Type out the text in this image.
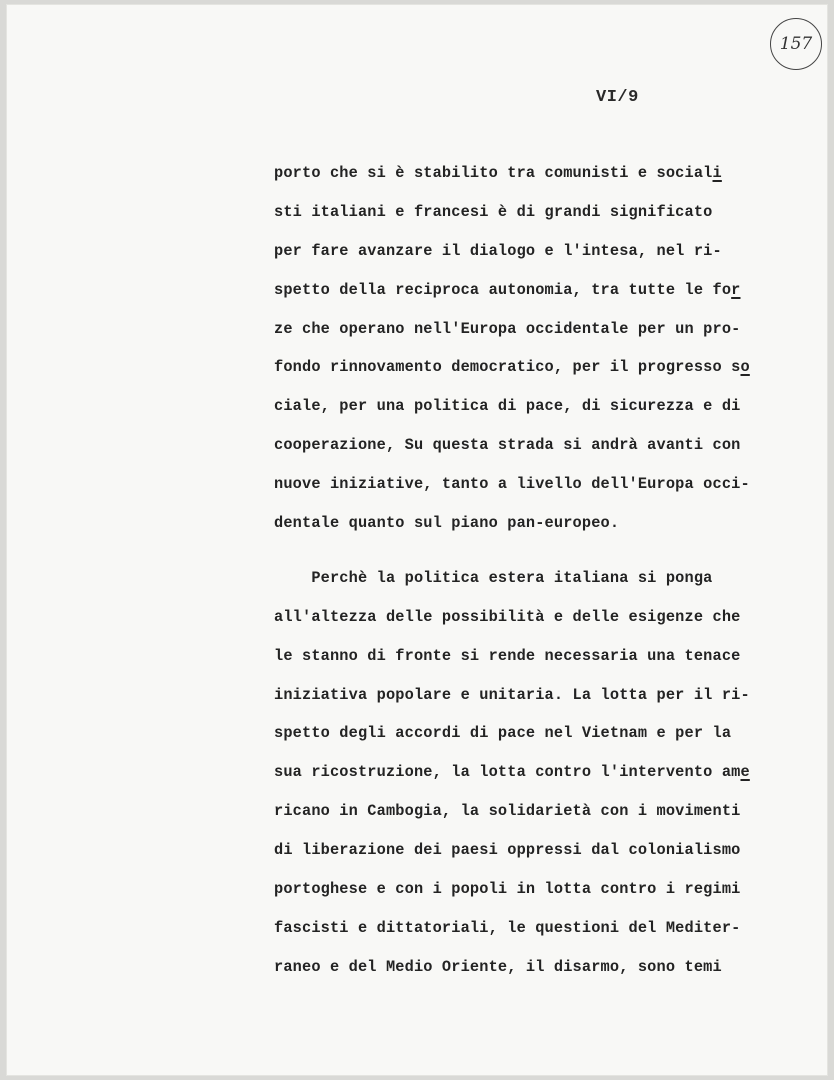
157
VI/9
porto che si è stabilito tra comunisti e sociali
sti italiani e francesi è di grandi significato
per fare avanzare il dialogo e l'intesa, nel ri-
spetto della reciproca autonomia, tra tutte le for
ze che operano nell'Europa occidentale per un pro-
fondo rinnovamento democratico, per il progresso so
ciale, per una politica di pace, di sicurezza e di
cooperazione, Su questa strada si andrà avanti con
nuove iniziative, tanto a livello dell'Europa occi-
dentale quanto sul piano pan-europeo.
Perchè la politica estera italiana si ponga
all'altezza delle possibilità e delle esigenze che
le stanno di fronte si rende necessaria una tenace
iniziativa popolare e unitaria. La lotta per il ri-
spetto degli accordi di pace nel Vietnam e per la
sua ricostruzione, la lotta contro l'intervento ame
ricano in Cambogia, la solidarietà con i movimenti
di liberazione dei paesi oppressi dal colonialismo
portoghese e con i popoli in lotta contro i regimi
fascisti e dittatoriali, le questioni del Mediter-
raneo e del Medio Oriente, il disarmo, sono temi
